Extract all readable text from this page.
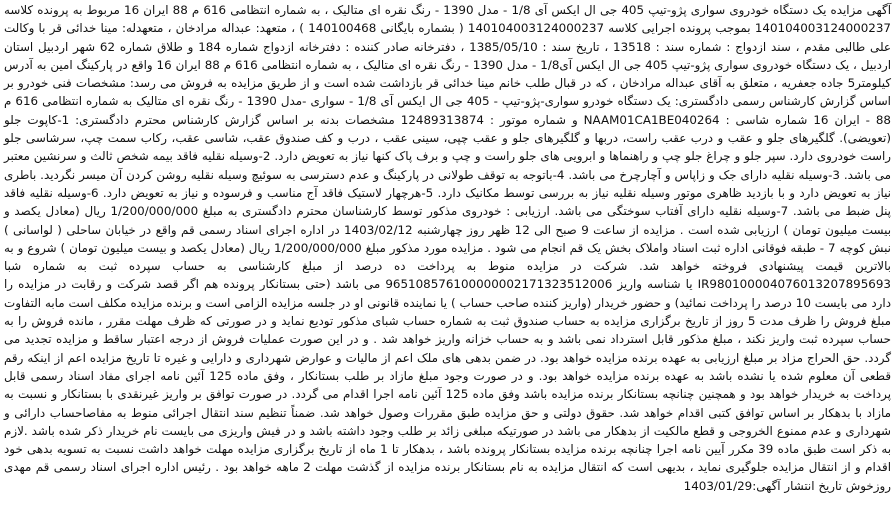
آگهی مزایده یک دستگاه خودروی سواری پژو-تیپ 405 جی ال ایکس آی 1/8 - مدل 1390 - رنگ نقره ای متالیک ، به شماره انتظامی 616 م 88 ایران 16 مربوط به پرونده کلاسه 140104003124000237 بموجب پرونده اجرایی کلاسه 140104003124000237 ( بشماره بایگانی 140100468 ) ، متعهد: عبداله مرادخان ، متعهدله: مینا خدائی قر با وکالت علی طالبی مقدم ، سند ازدواج : شماره سند : 13518 ، تاریخ سند : 1385/05/10 ، دفترخانه صادر کننده : دفترخانه ازدواج شماره 184 و طلاق شماره 62 شهر اردبیل استان اردبیل ، یک دستگاه خودروی سواری پژو-تیپ 405 جی ال ایکس آی1/8 - مدل 1390 - رنگ نقره ای متالیک ، به شماره انتظامی 616 م 88 ایران 16 واقع در پارکینگ امین به آدرس کیلومتر5 جاده جعفریه ، متعلق به آقای عبداله مرادخان ، که در قبال طلب خانم مینا خدائی قر بازداشت شده است و از طریق مزایده به فروش می رسد: مشخصات فنی خودرو بر اساس گزارش کارشناس رسمی دادگستری: یک دستگاه خودرو سواری-پژو-تیپ - 405 جی ال ایکس آی 1/8 - سواری -مدل 1390 - رنگ نقره ای متالیک به شماره انتظامی 616 م 88 - ایران 16 شماره شاسی : NAAM01CA1BE040264 و شماره موتور : 12489313874 مشخصات بدنه بر اساس گزارش کارشناس محترم دادگستری: 1-کاپوت جلو (تعویضی). گلگیرهای جلو و عقب و درب عقب راست، دربها و گلگیرهای جلو و عقب چپی، سینی عقب ، درب و کف صندوق عقب، شاسی عقب، رکاب سمت چپ، سرشاسی جلو راست خودروی دارد. سپر جلو و چراغ جلو چپ و راهنماها و ابرویی های جلو راست و چپ و برف پاک کنها نیاز به تعویض دارد. 2-وسیله نقلیه فاقد بیمه شخص ثالث و سرنشین معتبر می باشد. 3-وسیله نقلیه دارای جک و زاپاس و آچارچرخ می باشد. 4-باتوجه به توقف طولانی در پارکینگ و عدم دسترسی به سوئیچ وسیله نقلیه روشن کردن آن میسر نگردید. باطری نیاز به تعویض دارد و با بازدید ظاهری موتور وسیله نقلیه نیاز به بررسی توسط مکانیک دارد. 5-هرچهار لاستیک فاقد آج مناسب و فرسوده و نیاز به تعویض دارد. 6-وسیله نقلیه فاقد پنل ضبط می باشد. 7-وسیله نقلیه دارای آفتاب سوختگی می باشد. ارزیابی : خودروی مذکور توسط کارشناسان محترم دادگستری به مبلغ 1/200/000/000 ریال (معادل یکصد و بیست میلیون تومان ) ارزیابی شده است . مزایده از ساعت 9 صبح الی 12 ظهر روز چهارشنبه 1403/02/12 در اداره اجرای اسناد رسمی قم واقع در خیابان ساحلی ( لواسانی ) نبش کوچه 7 - طبقه فوقانی اداره ثبت اسناد واملاک بخش یک قم انجام می شود . مزایده مورد مذکور مبلغ 1/200/000/000 ریال (معادل یکصد و بیست میلیون تومان ) شروع و به بالاترین قیمت پیشنهادی فروخته خواهد شد. شرکت در مزایده منوط به پرداخت ده درصد از مبلغ کارشناسی به حساب سپرده ثبت به شماره شبا IR980100004076013207895693 یا شناسه واریز 965108576100000002171323512006 می باشد (حتی بستانکار پرونده هم اگر قصد شرکت و رقابت در مزایده را دارد می بایست 10 درصد را پرداخت نمائید) و حضور خریدار (واریز کننده صاحب حساب ) یا نماینده قانونی او در جلسه مزایده الزامی است و برنده مزایده مکلف است مابه التفاوت مبلغ فروش را ظرف مدت 5 روز از تاریخ برگزاری مزایده به حساب صندوق ثبت به شماره حساب شبای مذکور تودیع نماید و در صورتی که ظرف مهلت مقرر ، مانده فروش را به حساب سپرده ثبت واریز نکند ، مبلغ مذکور قابل استرداد نمی باشد و به حساب خزانه واریز خواهد شد . و در این صورت عملیات فروش از درجه اعتبار ساقط و مزایده تجدید می گردد. حق الحراج مزاد بر مبلغ ارزیابی به عهده برنده مزایده خواهد بود. در ضمن بدهی های ملک اعم از مالیات و عوارض شهرداری و دارایی و غیره تا تاریخ مزایده اعم از اینکه رقم قطعی آن معلوم شده یا نشده باشد به عهده برنده مزایده خواهد بود. و در صورت وجود مبلغ مازاد بر طلب بستانکار ، وفق ماده 125 آئین نامه اجرای مفاد اسناد رسمی قابل پرداخت به خریدار خواهد بود و همچنین چنانچه بستانکار برنده مزایده باشد وفق ماده 125 آئین نامه اجرا اقدام می گردد. در صورت توافق بر واریز غیرنقدی با بستانکار و نسبت به مازاد با بدهکار بر اساس توافق کتبی اقدام خواهد شد. حقوق دولتی و حق مزایده طبق مقررات وصول خواهد شد. ضمناً تنظیم سند انتقال اجرائی منوط به مفاصاحساب دارائی و شهرداری و عدم ممنوع الخروجی و قطع مالکیت از بدهکار می باشد در صورتیکه مبلغی زائد بر طلب وجود داشته باشد و در فیش واریزی می بایست نام خریدار ذکر شده باشد .لازم به ذکر است طبق ماده 39 مکرر آیین نامه اجرا چنانچه برنده مزایده بستانکار پرونده باشد ، بدهکار تا 1 ماه از تاریخ برگزاری مزایده مهلت خواهد داشت نسبت به تسویه بدهی خود اقدام و از انتقال مزایده جلوگیری نماید ، بدیهی است که انتقال مزایده به نام بستانکار برنده مزایده از گذشت مهلت 2 ماهه خواهد بود . رئیس اداره اجرای اسناد رسمی قم مهدی روزخوش تاریخ انتشار آگهی:1403/01/29
